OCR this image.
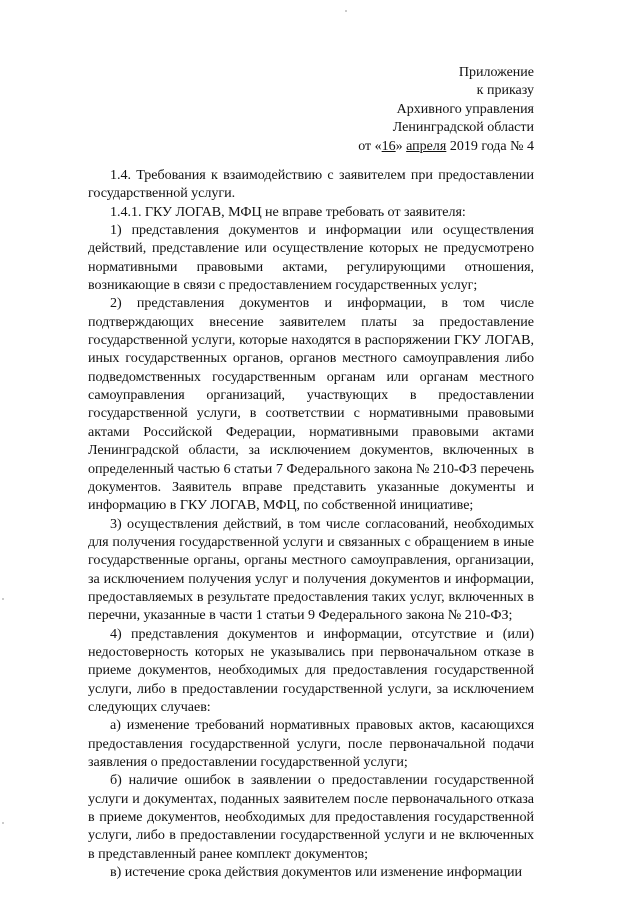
Приложение
к приказу
Архивного управления
Ленинградской области
от «16» апреля 2019 года № 4

1.4. Требования к взаимодействию с заявителем при предоставлении государственной услуги.

1.4.1. ГКУ ЛОГАВ, МФЦ не вправе требовать от заявителя:

1) представления документов и информации или осуществления действий, представление или осуществление которых не предусмотрено нормативными правовыми актами, регулирующими отношения, возникающие в связи с предоставлением государственных услуг;

2) представления документов и информации, в том числе подтверждающих внесение заявителем платы за предоставление государственной услуги, которые находятся в распоряжении ГКУ ЛОГАВ, иных государственных органов, органов местного самоуправления либо подведомственных государственным органам или органам местного самоуправления организаций, участвующих в предоставлении государственной услуги, в соответствии с нормативными правовыми актами Российской Федерации, нормативными правовыми актами Ленинградской области, за исключением документов, включенных в определенный частью 6 статьи 7 Федерального закона № 210-ФЗ перечень документов. Заявитель вправе представить указанные документы и информацию в ГКУ ЛОГАВ, МФЦ, по собственной инициативе;

3) осуществления действий, в том числе согласований, необходимых для получения государственной услуги и связанных с обращением в иные государственные органы, органы местного самоуправления, организации, за исключением получения услуг и получения документов и информации, предоставляемых в результате предоставления таких услуг, включенных в перечни, указанные в части 1 статьи 9 Федерального закона № 210-ФЗ;

4) представления документов и информации, отсутствие и (или) недостоверность которых не указывались при первоначальном отказе в приеме документов, необходимых для предоставления государственной услуги, либо в предоставлении государственной услуги, за исключением следующих случаев:

а) изменение требований нормативных правовых актов, касающихся предоставления государственной услуги, после первоначальной подачи заявления о предоставлении государственной услуги;

б) наличие ошибок в заявлении о предоставлении государственной услуги и документах, поданных заявителем после первоначального отказа в приеме документов, необходимых для предоставления государственной услуги, либо в предоставлении государственной услуги и не включенных в представленный ранее комплект документов;

в) истечение срока действия документов или изменение информации
